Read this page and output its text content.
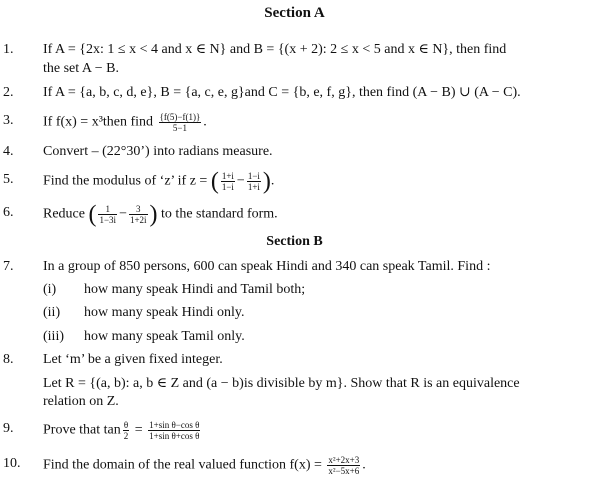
Section A
1. If A = {2x: 1 ≤ x < 4 and x ∈ N} and B = {(x + 2): 2 ≤ x < 5 and x ∈ N}, then find
the set A − B.
2. If A = {a, b, c, d, e}, B = {a, c, e, g}and C = {b, e, f, g}, then find (A − B) ∪ (A − C).
3. If f(x) = x³then find $\frac{\{f(5)-f(1)\}}{5-1}$ .
4. Convert – (22°30’) into radians measure.
5. Find the modulus of ‘z’ if z = ( $\frac{1+i}{1-i} - \frac{1-i}{1+i}$ ).
6. Reduce ( $\frac{1}{1-3i} - \frac{3}{1+2i}$ ) to the standard form.
Section B
7. In a group of 850 persons, 600 can speak Hindi and 340 can speak Tamil. Find :
(i) how many speak Hindi and Tamil both;
(ii) how many speak Hindi only.
(iii) how many speak Tamil only.
8. Let ‘m’ be a given fixed integer.
Let R = {(a, b): a, b ∈ Z and (a − b)is divisible by m}. Show that R is an equivalence
relation on Z.
9. Prove that $\tan \frac{\theta}{2} = \frac{\text{1+sin θ−cos θ}}{\text{1+sin θ+cos θ}}$
10. Find the domain of the real valued function $f(x) = \frac{\text{x²+2x+3}}{\text{x²−5x+6}}$ .
